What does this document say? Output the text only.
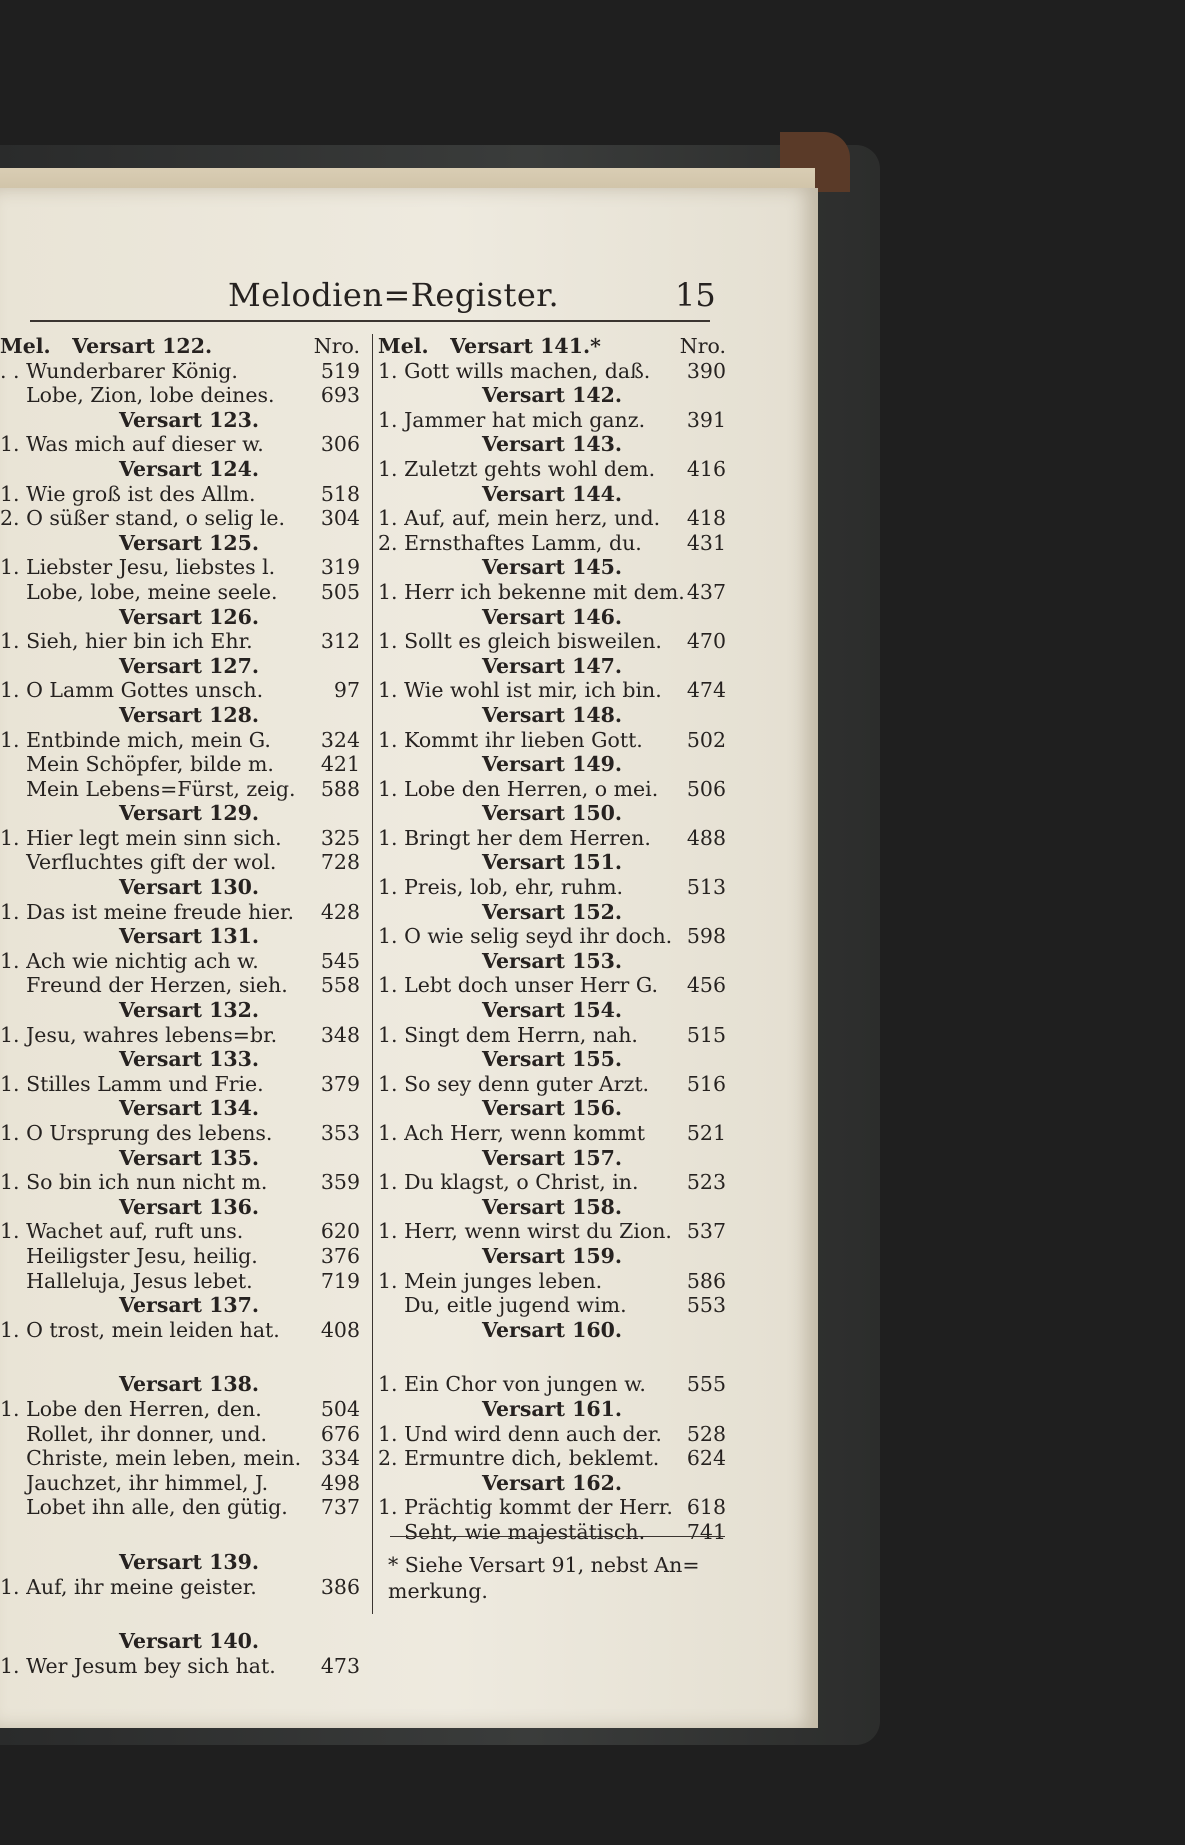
Melodien=Register.	15
Mel.   Versart 122.	Nro.
. . Wunderbarer König.	519
Lobe, Zion, lobe deines. 693
Versart 123.
1. Was mich auf dieser w.	306
Versart 124.
1. Wie groß ist des Allm.	518
2. O süßer stand, o selig le. 304
Versart 125.
1. Liebster Jesu, liebstes l. 319
Lobe, lobe, meine seele. 505
Versart 126.
1. Sieh, hier bin ich Ehr.	312
Versart 127.
1. O Lamm Gottes unsch.	97
Versart 128.
1. Entbinde mich, mein G. 324
Mein Schöpfer, bilde m. 421
Mein Lebens=Fürst, zeig. 588
Versart 129.
1. Hier legt mein sinn sich. 325
Verfluchtes gift der wol. 728
Versart 130.
1. Das ist meine freude hier. 428
Versart 131.
1. Ach wie nichtig ach w.	545
Freund der Herzen, sieh. 558
Versart 132.
1. Jesu, wahres lebens=br. 348
Versart 133.
1. Stilles Lamm und Frie.	379
Versart 134.
1. O Ursprung des lebens. 353
Versart 135.
1. So bin ich nun nicht m.	359
Versart 136.
1. Wachet auf, ruft uns.	620
Heiligster Jesu, heilig.	376
Halleluja, Jesus lebet.	719
Versart 137.
1. O trost, mein leiden hat. 408
Versart 138.
1. Lobe den Herren, den.	504
Rollet, ihr donner, und.	676
Christe, mein leben, mein. 334
Jauchzet, ihr himmel, J.	498
Lobet ihn alle, den gütig. 737
Versart 139.
1. Auf, ihr meine geister.	386
Versart 140.
1. Wer Jesum bey sich hat. 473
Mel.   Versart 141.*	Nro.
1. Gott wills machen, daß. 390
Versart 142.
1. Jammer hat mich ganz. 391
Versart 143.
1. Zuletzt gehts wohl dem. 416
Versart 144.
1. Auf, auf, mein herz, und. 418
2. Ernsthaftes Lamm, du. 431
Versart 145.
1. Herr ich bekenne mit dem. 437
Versart 146.
1. Sollt es gleich bisweilen. 470
Versart 147.
1. Wie wohl ist mir, ich bin. 474
Versart 148.
1. Kommt ihr lieben Gott. 502
Versart 149.
1. Lobe den Herren, o mei. 506
Versart 150.
1. Bringt her dem Herren. 488
Versart 151.
1. Preis, lob, ehr, ruhm.	513
Versart 152.
1. O wie selig seyd ihr doch. 598
Versart 153.
1. Lebt doch unser Herr G. 456
Versart 154.
1. Singt dem Herrn, nah. 515
Versart 155.
1. So sey denn guter Arzt. 516
Versart 156.
1. Ach Herr, wenn kommt 521
Versart 157.
1. Du klagst, o Christ, in. 523
Versart 158.
1. Herr, wenn wirst du Zion. 537
Versart 159.
1. Mein junges leben.	586
Du, eitle jugend wim.	553
Versart 160.
1. Ein Chor von jungen w. 555
Versart 161.
1. Und wird denn auch der. 528
2. Ermuntre dich, beklemt. 624
Versart 162.
1. Prächtig kommt der Herr. 618
Seht, wie majestätisch. 741
* Siehe Versart 91, nebst An=
merkung.
